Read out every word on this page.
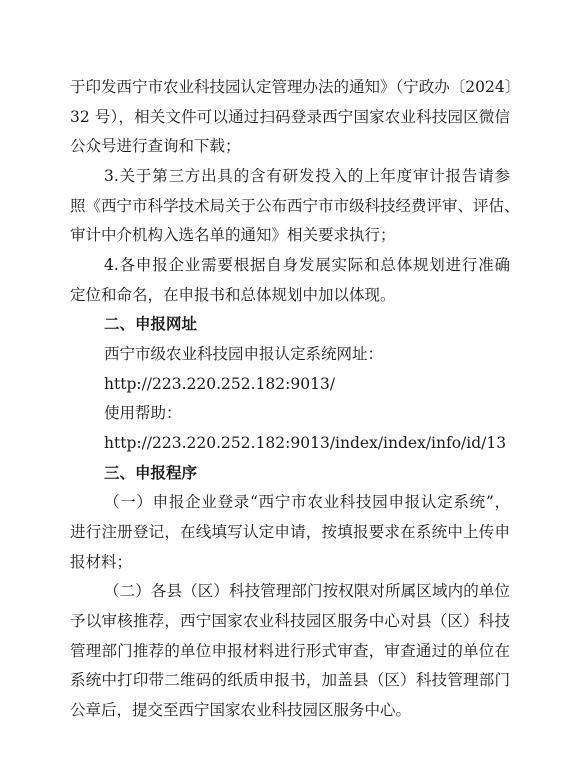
于印发西宁市农业科技园认定管理办法的通知》（宁政办〔2024〕
32 号），相关文件可以通过扫码登录西宁国家农业科技园区微信
公众号进行查询和下载；
3.关于第三方出具的含有研发投入的上年度审计报告请参
照《西宁市科学技术局关于公布西宁市市级科技经费评审、评估、
审计中介机构入选名单的通知》相关要求执行；
4.各申报企业需要根据自身发展实际和总体规划进行准确
定位和命名，在申报书和总体规划中加以体现。
二、申报网址
西宁市级农业科技园申报认定系统网址：
http://223.220.252.182:9013/
使用帮助：
http://223.220.252.182:9013/index/index/info/id/13
三、申报程序
（一）申报企业登录“西宁市农业科技园申报认定系统”，
进行注册登记，在线填写认定申请，按填报要求在系统中上传申
报材料；
（二）各县（区）科技管理部门按权限对所属区域内的单位
予以审核推荐，西宁国家农业科技园区服务中心对县（区）科技
管理部门推荐的单位申报材料进行形式审查，审查通过的单位在
系统中打印带二维码的纸质申报书，加盖县（区）科技管理部门
公章后，提交至西宁国家农业科技园区服务中心。
